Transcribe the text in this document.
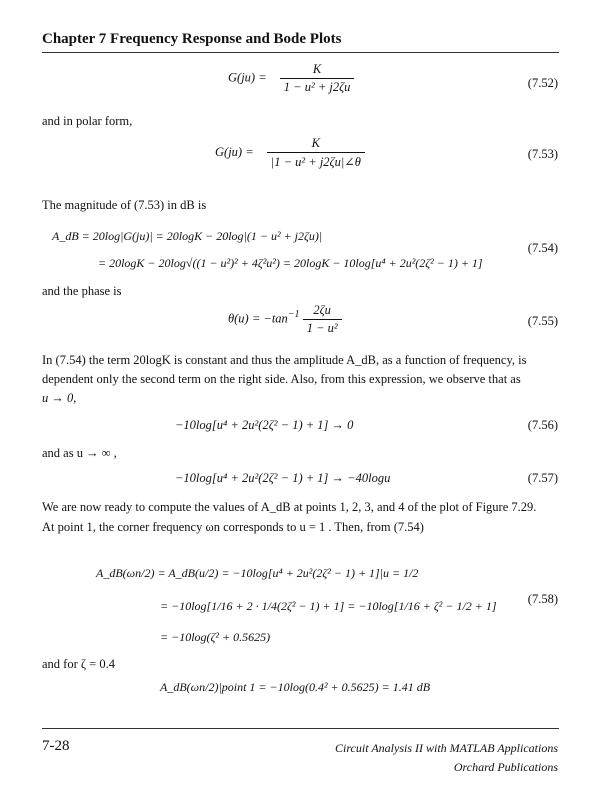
Chapter 7 Frequency Response and Bode Plots
$G(ju) = \frac{K}{\text{1 − u² + j2ζu}}$	(7.52)
and in polar form,
$G(ju) = \frac{K}{\text{|1 − u² + j2ζu|∠θ}}$	(7.53)
The magnitude of (7.53) in dB is
A_dB = 20log|G(ju)| = 20logK − 20log|(1 − u² + j2ζu)|
= 20logK − 20log√((1 − u²)² + 4ζ²u²) = 20logK − 10log[u⁴ + 2u²(2ζ² − 1) + 1]
(7.54)
and the phase is
$\theta(u) = -\tan^{-1} \frac{2\zeta u}{\text{1 − u²}}$	(7.55)
In (7.54) the term 20logK is constant and thus the amplitude A_dB, as a function of frequency, is
dependent only the second term on the right side. Also, from this expression, we observe that as
u → 0,
−10log[u⁴ + 2u²(2ζ² − 1) + 1] → 0	(7.56)
and as u → ∞ ,
−10log[u⁴ + 2u²(2ζ² − 1) + 1] → −40logu	(7.57)
We are now ready to compute the values of A_dB at points 1, 2, 3, and 4 of the plot of Figure 7.29.
At point 1, the corner frequency ωn corresponds to u = 1 . Then, from (7.54)
A_dB(ωn/2) = A_dB(u/2) = −10log[u⁴ + 2u²(2ζ² − 1) + 1]|u = 1/2
= −10log[1/16 + 2 · 1/4(2ζ² − 1) + 1] = −10log[1/16 + ζ² − 1/2 + 1]
= −10log(ζ² + 0.5625)
(7.58)
and for ζ = 0.4
A_dB(ωn/2)|point 1 = −10log(0.4² + 0.5625) = 1.41 dB
7-28	Circuit Analysis II with MATLAB Applications
Orchard Publications
